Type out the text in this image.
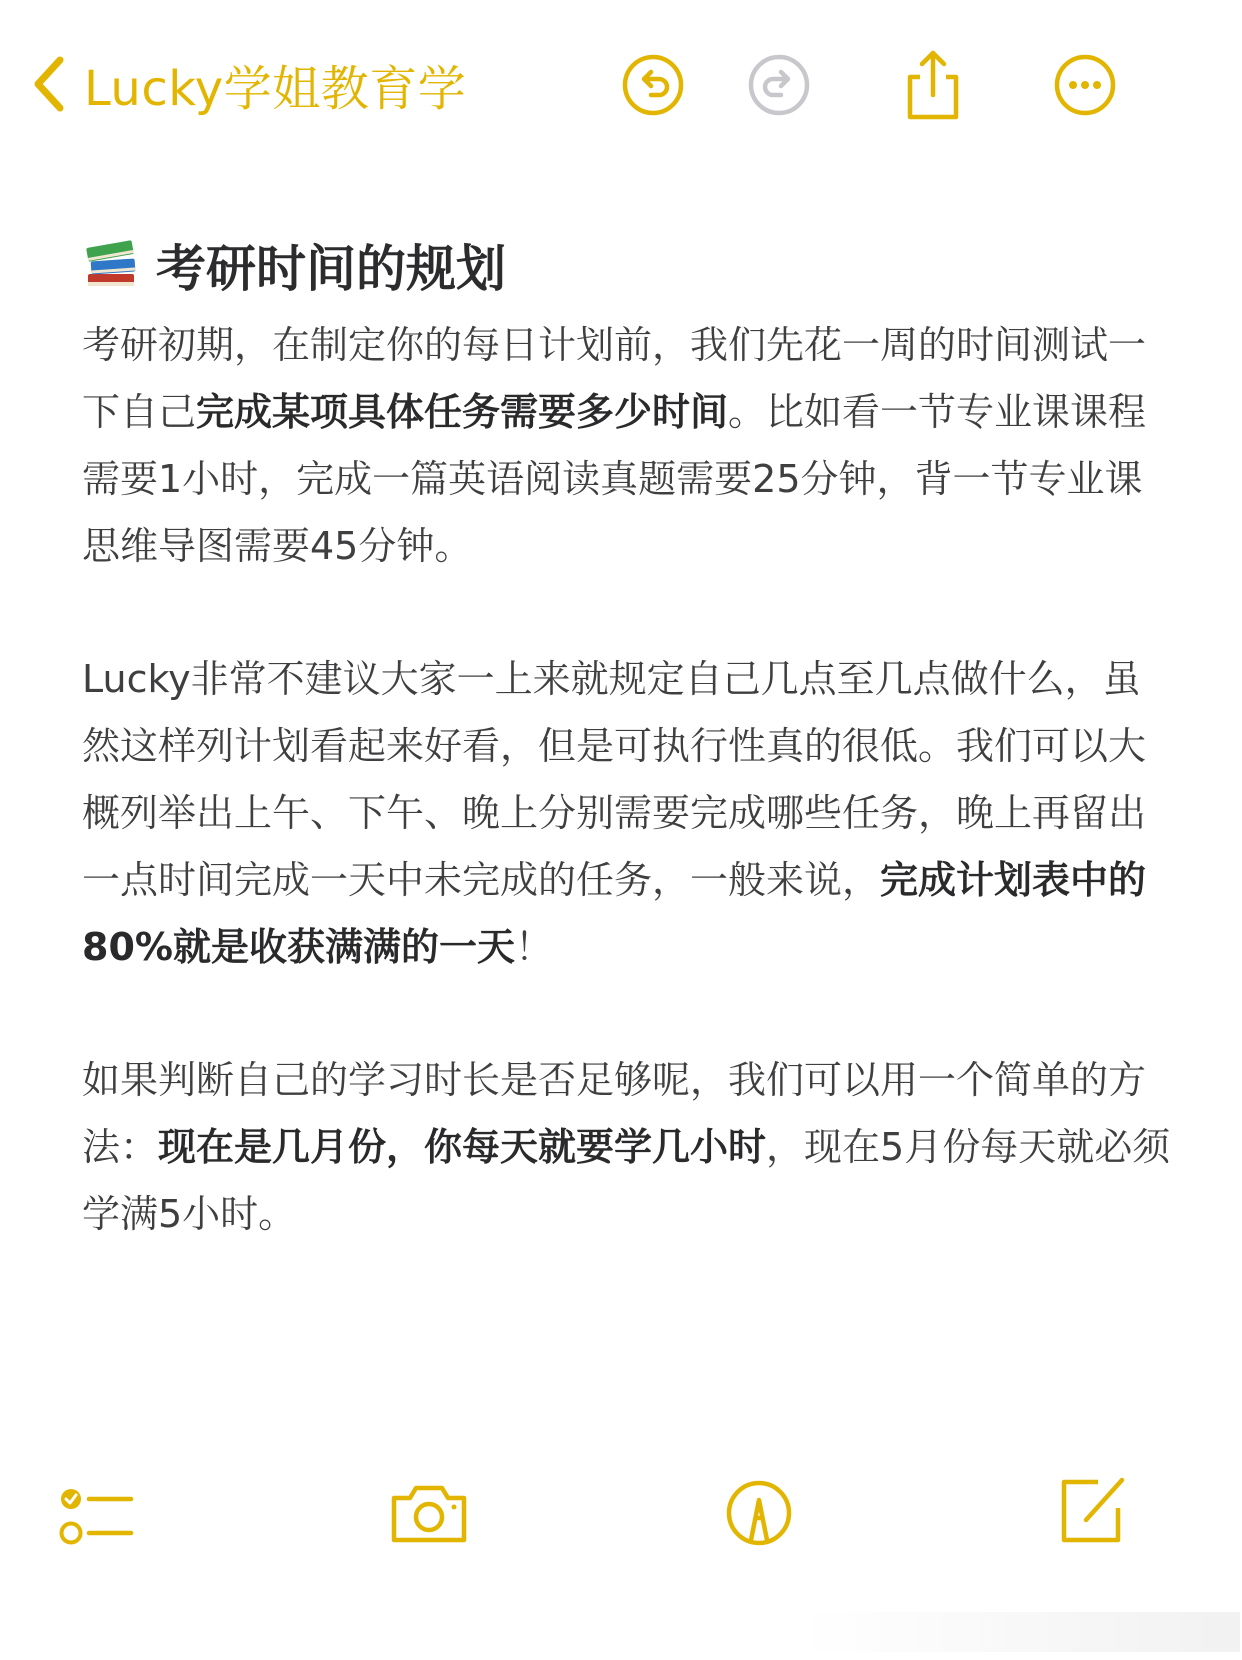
Lucky学姐教育学
考研时间的规划

考研初期，在制定你的每日计划前，我们先花一周的时间测试一下自己完成某项具体任务需要多少时间。比如看一节专业课课程需要1小时，完成一篇英语阅读真题需要25分钟，背一节专业课思维导图需要45分钟。

Lucky非常不建议大家一上来就规定自己几点至几点做什么，虽然这样列计划看起来好看，但是可执行性真的很低。我们可以大概列举出上午、下午、晚上分别需要完成哪些任务，晚上再留出一点时间完成一天中未完成的任务，一般来说，完成计划表中的80%就是收获满满的一天！

如果判断自己的学习时长是否足够呢，我们可以用一个简单的方法：现在是几月份，你每天就要学几小时，现在5月份每天就必须学满5小时。
